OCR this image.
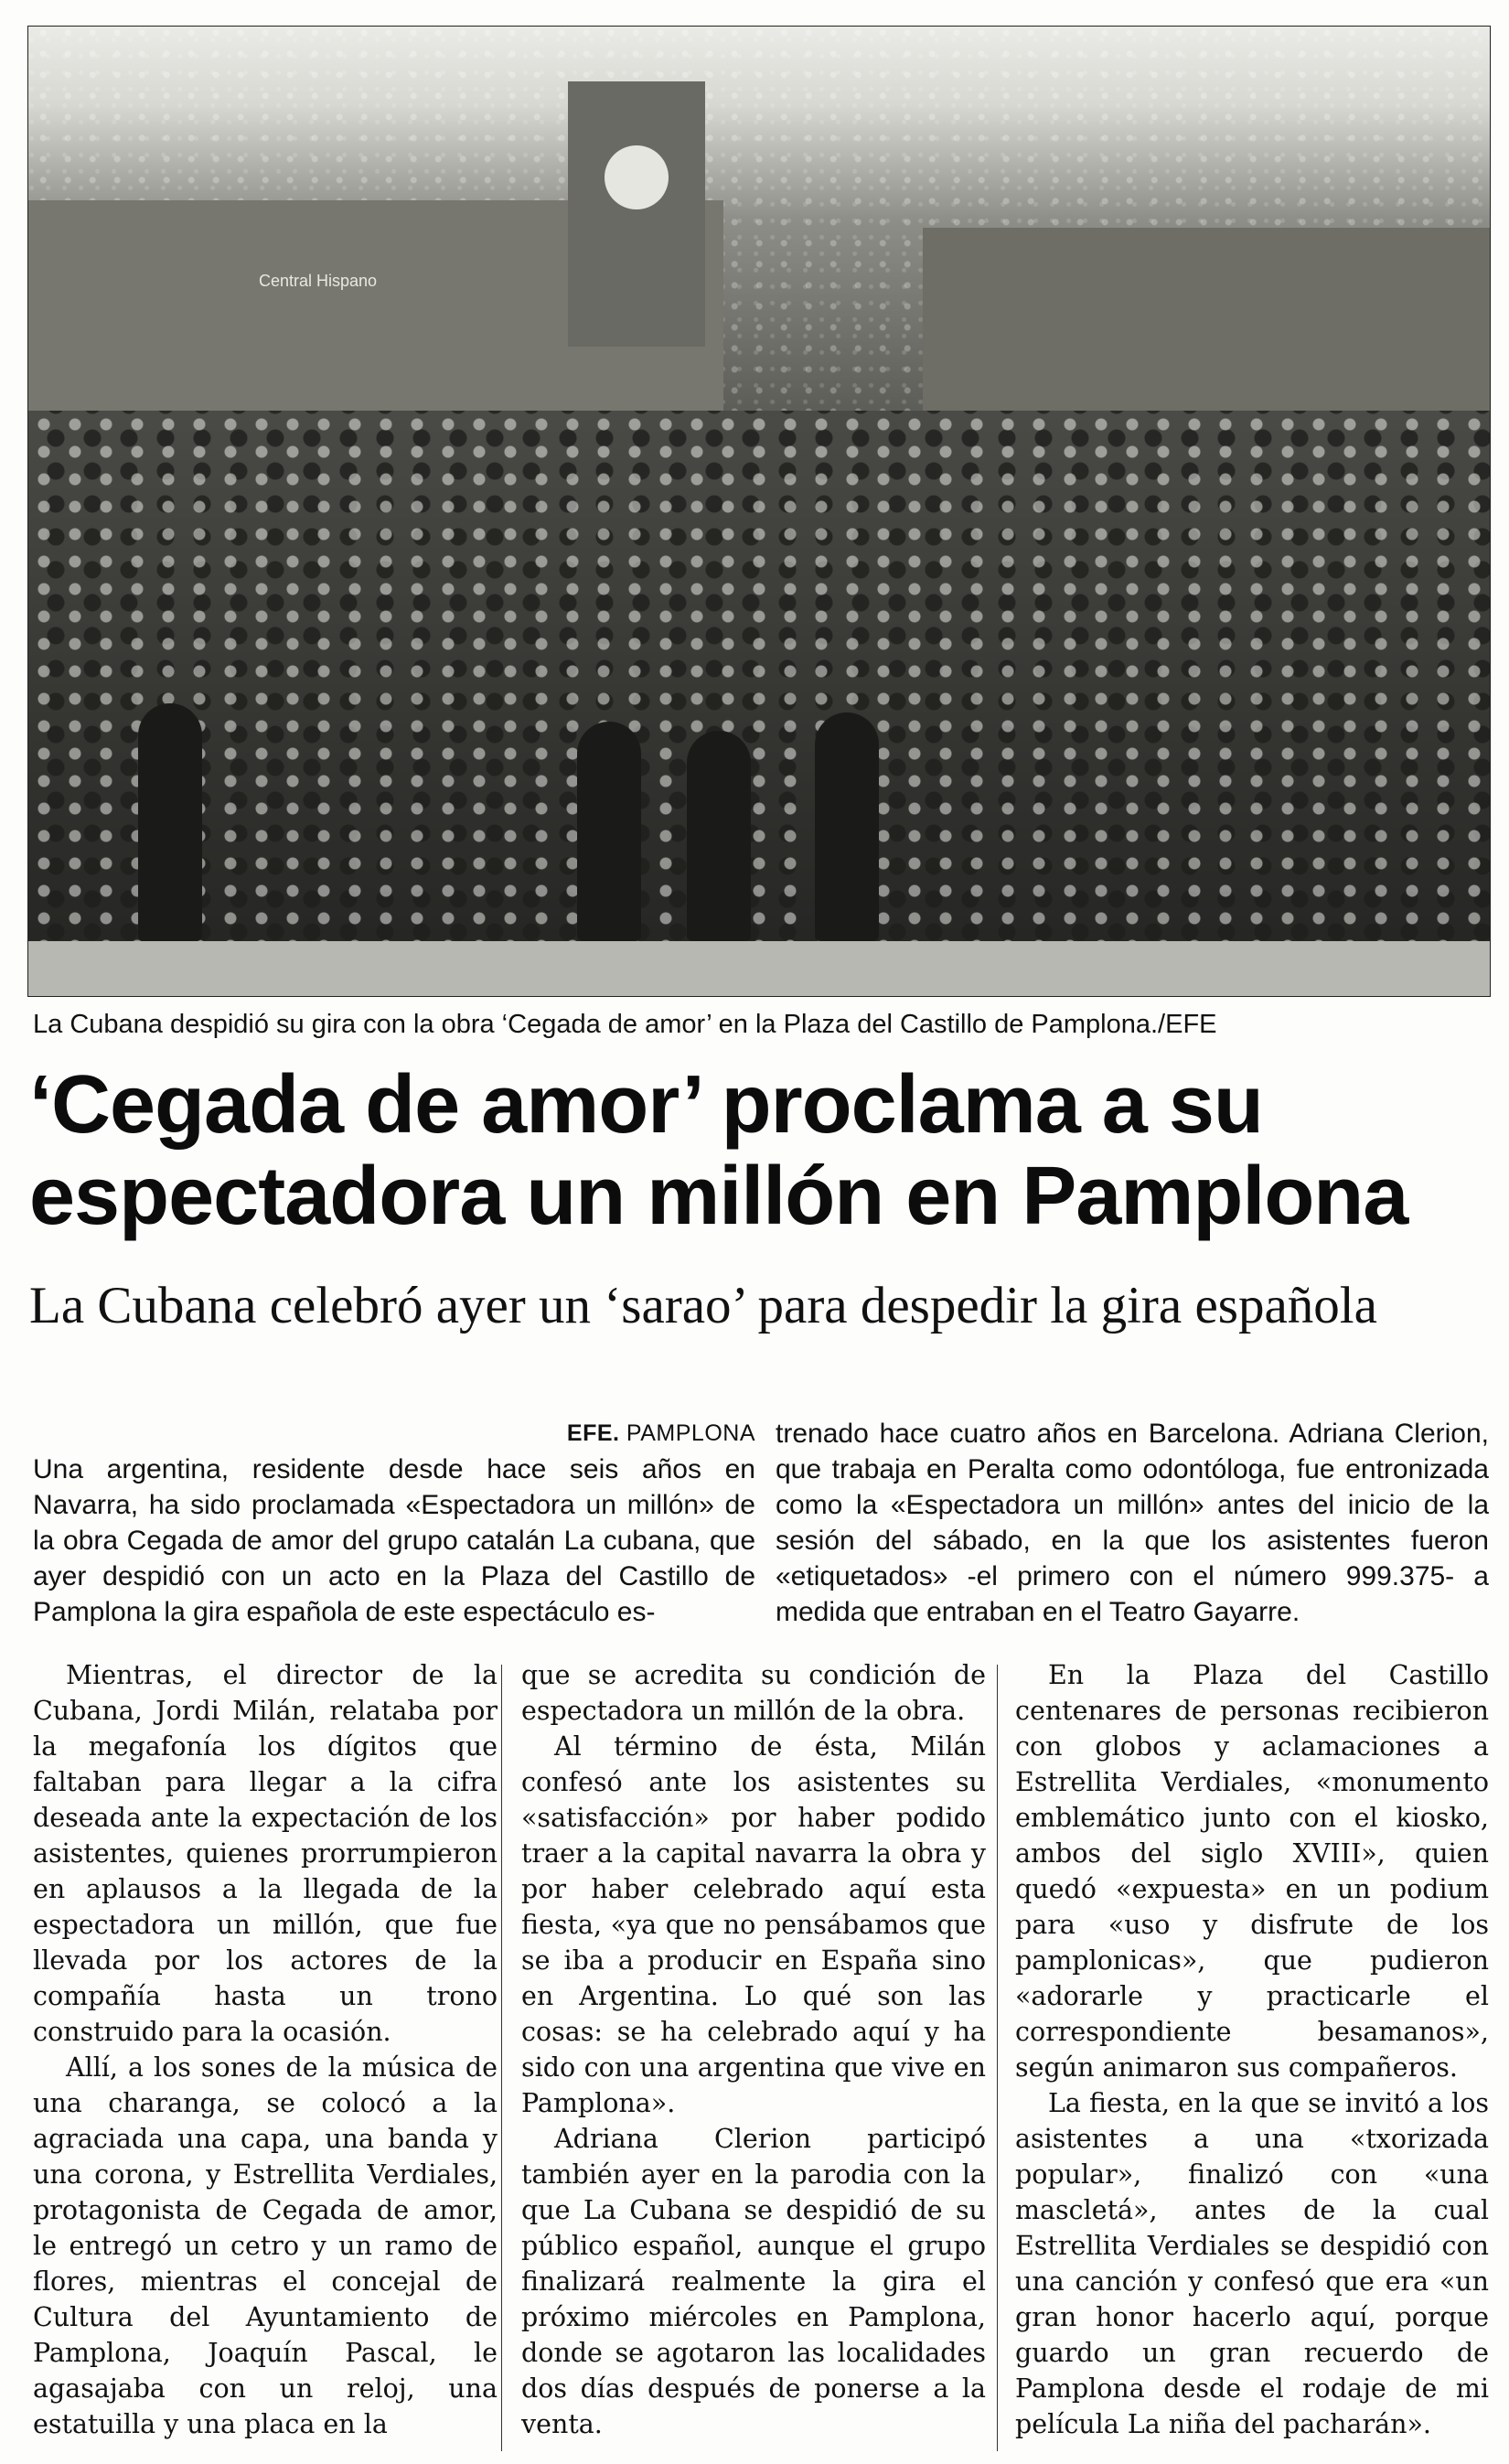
Central Hispano
La Cubana despidió su gira con la obra ‘Cegada de amor’ en la Plaza del Castillo de Pamplona./EFE
‘Cegada de amor’ proclama a su
espectadora un millón en Pamplona
La Cubana celebró ayer un ‘sarao’ para despedir la gira española
EFE. PAMPLONA
Una argentina, residente desde hace seis años en Navarra, ha sido proclamada «Espectadora un millón» de la obra Cegada de amor del grupo catalán La cubana, que ayer despidió con un acto en la Plaza del Castillo de Pamplona la gira española de este espectáculo es-
trenado hace cuatro años en Barcelona. Adriana Clerion, que trabaja en Peralta como odontóloga, fue entronizada como la «Espectadora un millón» antes del inicio de la sesión del sábado, en la que los asistentes fueron «etiquetados» -el primero con el número 999.375- a medida que entraban en el Teatro Gayarre.

Mientras, el director de la Cubana, Jordi Milán, relataba por la megafonía los dígitos que faltaban para llegar a la cifra deseada ante la expectación de los asistentes, quienes prorrumpieron en aplausos a la llegada de la espectadora un millón, que fue llevada por los actores de la compañía hasta un trono construido para la ocasión.

Allí, a los sones de la música de una charanga, se colocó a la agraciada una capa, una banda y una corona, y Estrellita Verdiales, protagonista de Cegada de amor, le entregó un cetro y un ramo de flores, mientras el concejal de Cultura del Ayuntamiento de Pamplona, Joaquín Pascal, le agasajaba con un reloj, una estatuilla y una placa en la

que se acredita su condición de espectadora un millón de la obra.

Al término de ésta, Milán confesó ante los asistentes su «satisfacción» por haber podido traer a la capital navarra la obra y por haber celebrado aquí esta fiesta, «ya que no pensábamos que se iba a producir en España sino en Argentina. Lo qué son las cosas: se ha celebrado aquí y ha sido con una argentina que vive en Pamplona».

Adriana Clerion participó también ayer en la parodia con la que La Cubana se despidió de su público español, aunque el grupo finalizará realmente la gira el próximo miércoles en Pamplona, donde se agotaron las localidades dos días después de ponerse a la venta.

En la Plaza del Castillo centenares de personas recibieron con globos y aclamaciones a Estrellita Verdiales, «monumento emblemático junto con el kiosko, ambos del siglo XVIII», quien quedó «expuesta» en un podium para «uso y disfrute de los pamplonicas», que pudieron «adorarle y practicarle el correspondiente besamanos», según animaron sus compañeros.

La fiesta, en la que se invitó a los asistentes a una «txorizada popular», finalizó con «una mascletá», antes de la cual Estrellita Verdiales se despidió con una canción y confesó que era «un gran honor hacerlo aquí, porque guardo un gran recuerdo de Pamplona desde el rodaje de mi película La niña del pacharán».
